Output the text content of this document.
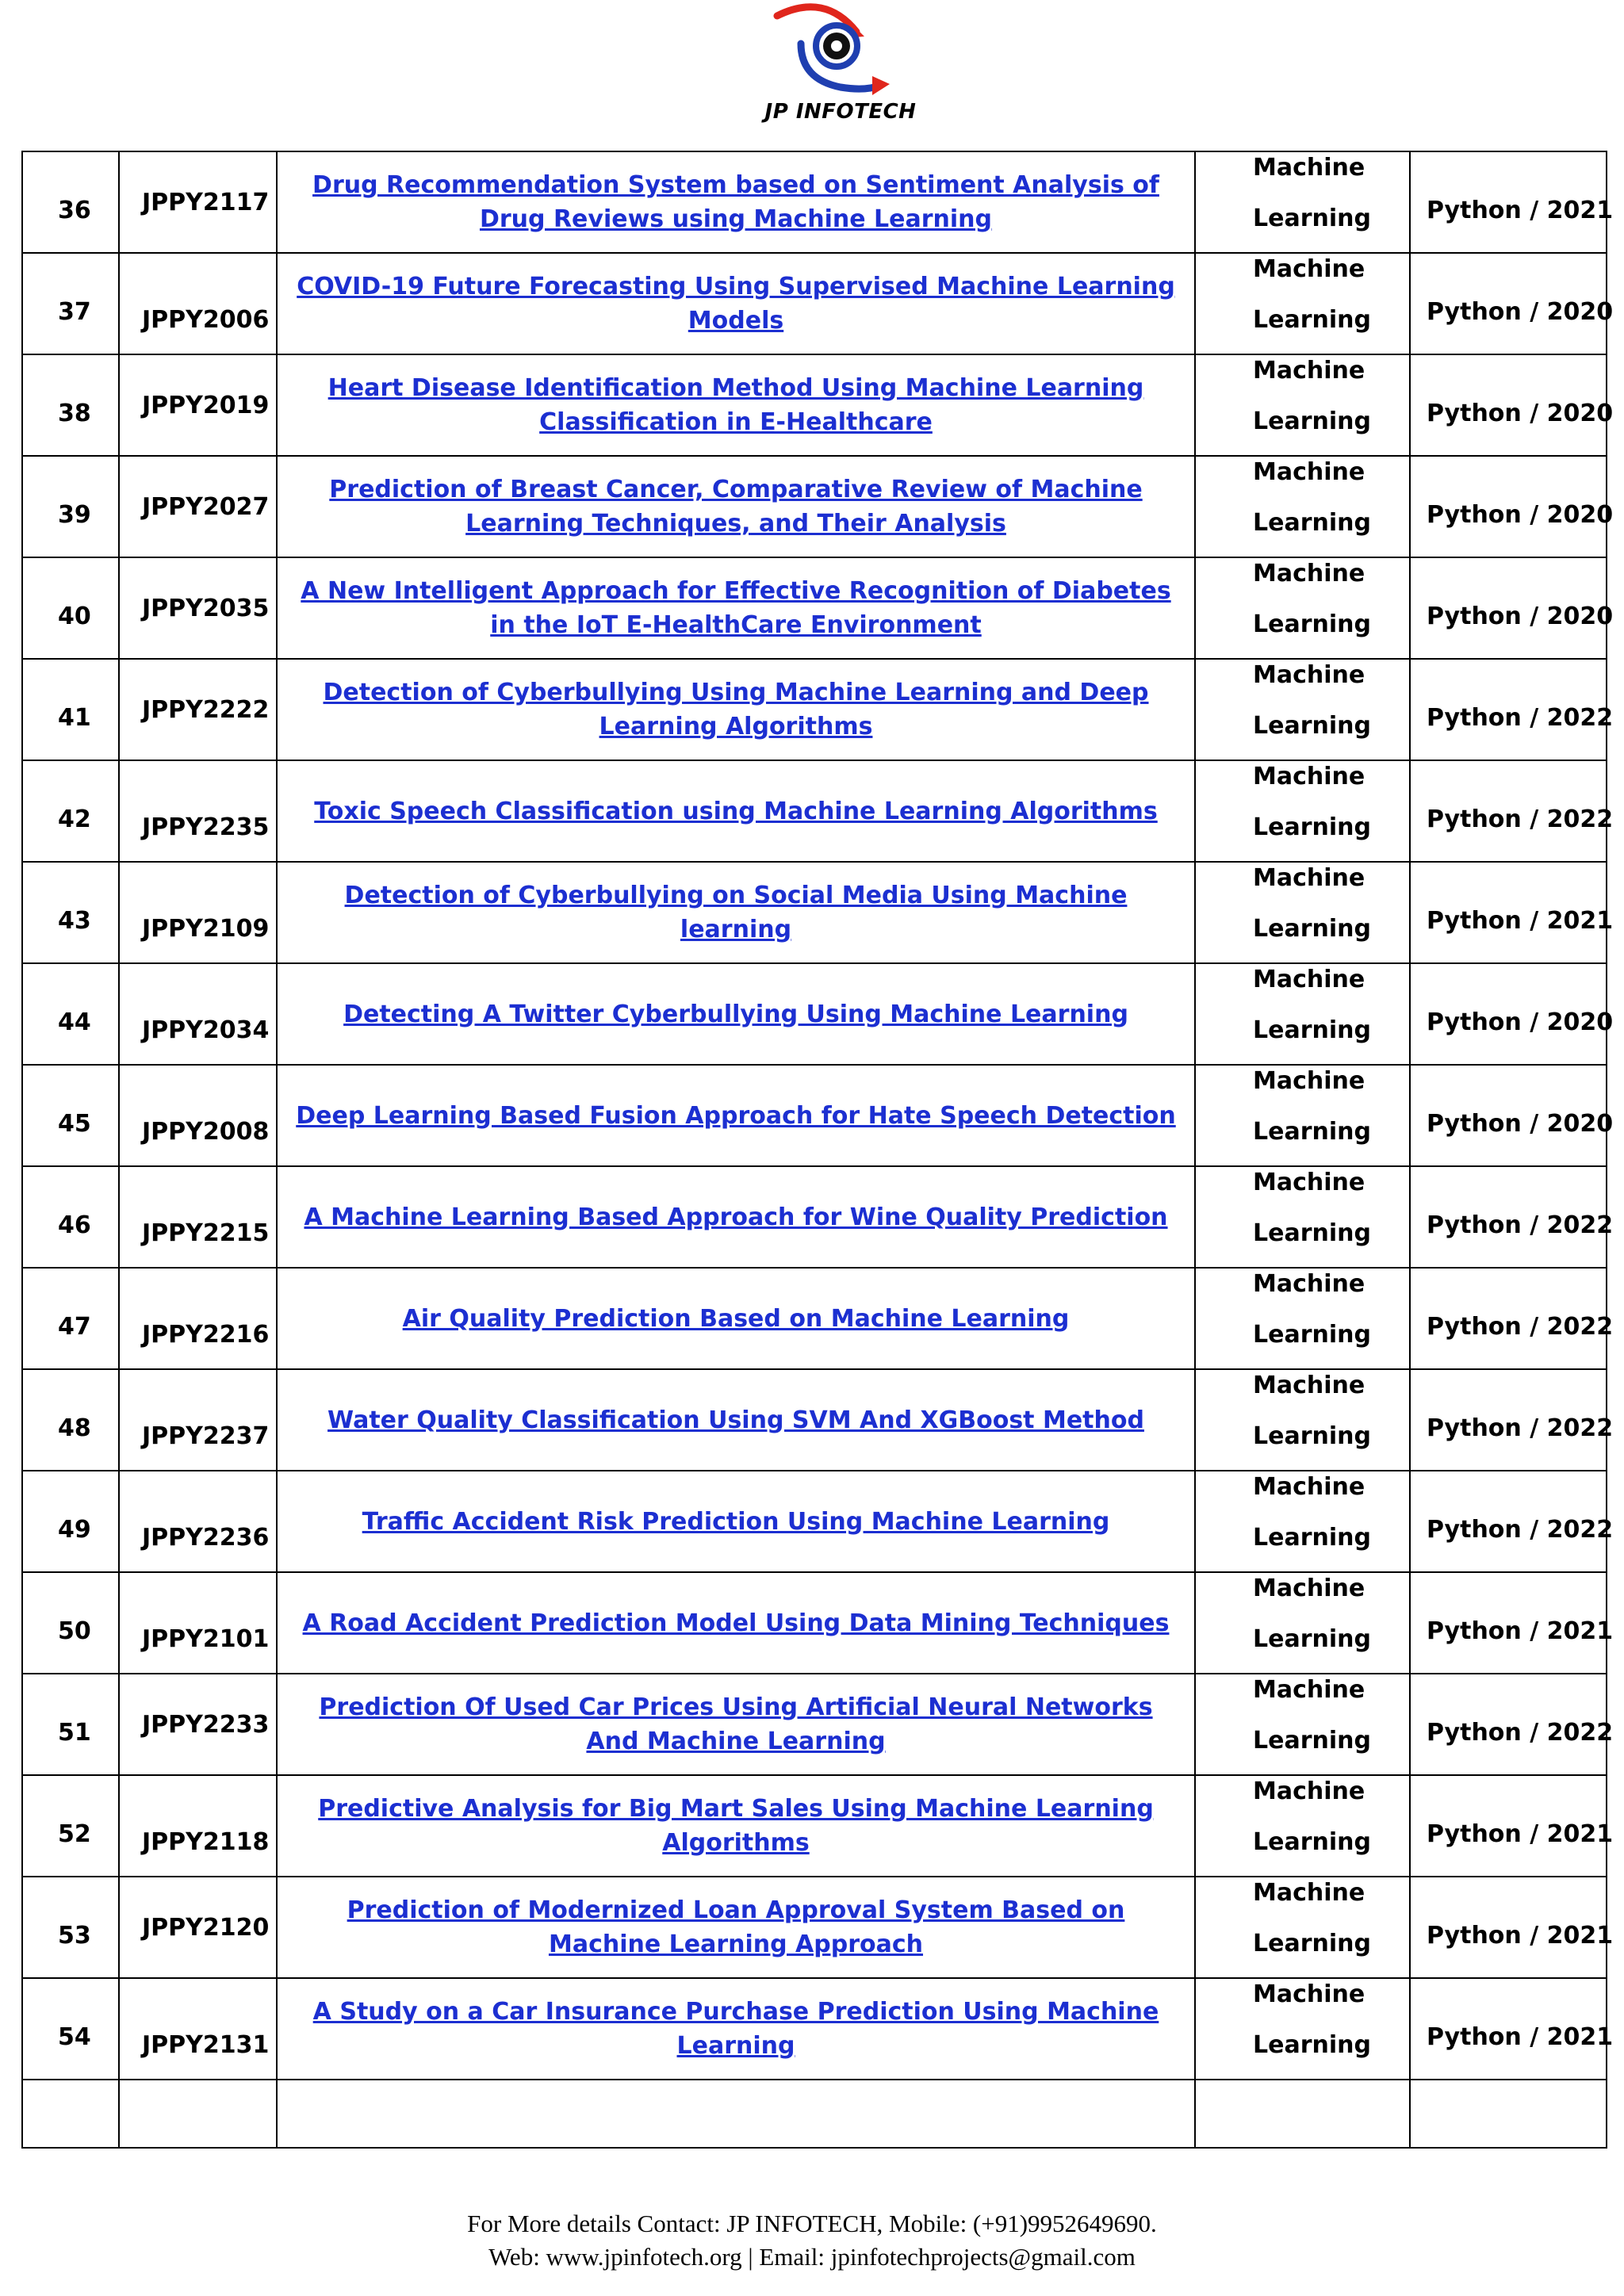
JP INFOTECH
36	JPPY2117	Drug Recommendation System based on Sentiment Analysis of Drug Reviews using Machine Learning	Machine
Learning	Python / 2021

37	JPPY2006	COVID-19 Future Forecasting Using Supervised Machine Learning Models	Machine
Learning	Python / 2020

38	JPPY2019	Heart Disease Identification Method Using Machine Learning Classification in E-Healthcare	Machine
Learning	Python / 2020

39	JPPY2027	Prediction of Breast Cancer, Comparative Review of Machine Learning Techniques, and Their Analysis	Machine
Learning	Python / 2020

40	JPPY2035	A New Intelligent Approach for Effective Recognition of Diabetes in the IoT E-HealthCare Environment	Machine
Learning	Python / 2020

41	JPPY2222	Detection of Cyberbullying Using Machine Learning and Deep Learning Algorithms	Machine
Learning	Python / 2022

42	JPPY2235	Toxic Speech Classification using Machine Learning Algorithms	Machine
Learning	Python / 2022

43	JPPY2109	Detection of Cyberbullying on Social Media Using Machine learning	Machine
Learning	Python / 2021

44	JPPY2034	Detecting A Twitter Cyberbullying Using Machine Learning	Machine
Learning	Python / 2020

45	JPPY2008	Deep Learning Based Fusion Approach for Hate Speech Detection	Machine
Learning	Python / 2020

46	JPPY2215	A Machine Learning Based Approach for Wine Quality Prediction	Machine
Learning	Python / 2022

47	JPPY2216	Air Quality Prediction Based on Machine Learning	Machine
Learning	Python / 2022

48	JPPY2237	Water Quality Classification Using SVM And XGBoost Method	Machine
Learning	Python / 2022

49	JPPY2236	Traffic Accident Risk Prediction Using Machine Learning	Machine
Learning	Python / 2022

50	JPPY2101	A Road Accident Prediction Model Using Data Mining Techniques	Machine
Learning	Python / 2021

51	JPPY2233	Prediction Of Used Car Prices Using Artificial Neural Networks And Machine Learning	Machine
Learning	Python / 2022

52	JPPY2118	Predictive Analysis for Big Mart Sales Using Machine Learning Algorithms	Machine
Learning	Python / 2021

53	JPPY2120	Prediction of Modernized Loan Approval System Based on Machine Learning Approach	Machine
Learning	Python / 2021

54	JPPY2131	A Study on a Car Insurance Purchase Prediction Using Machine Learning	Machine
Learning	Python / 2021

For More details Contact: JP INFOTECH, Mobile: (+91)9952649690.
Web: www.jpinfotech.org | Email: jpinfotechprojects@gmail.com
